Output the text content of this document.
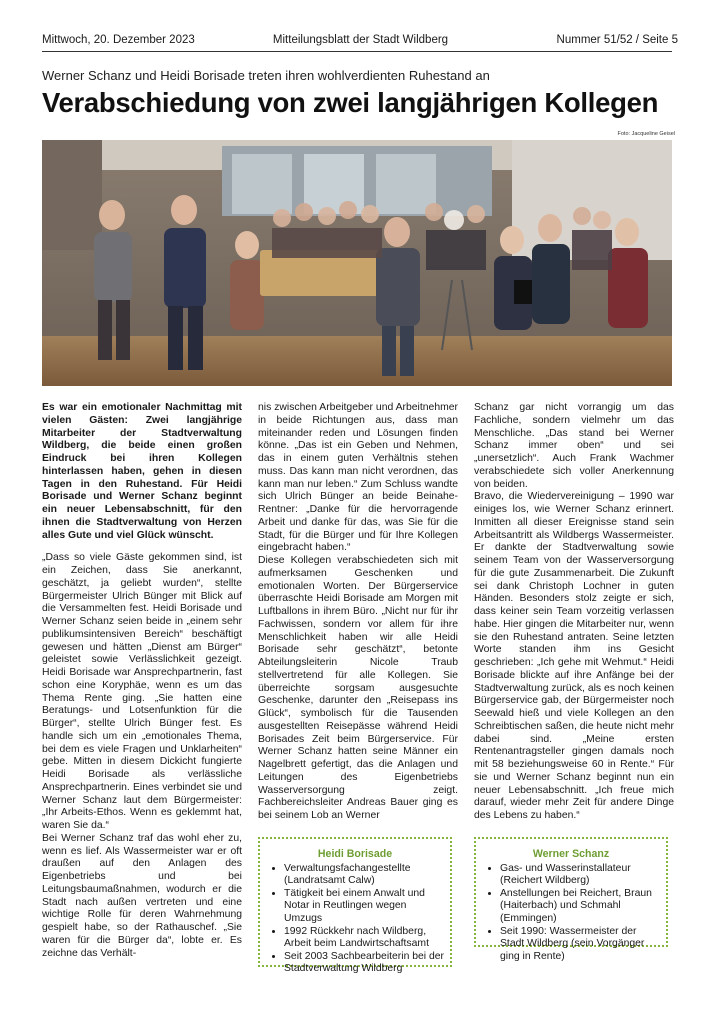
Mittwoch, 20. Dezember 2023	Mitteilungsblatt der Stadt Wildberg	Nummer 51/52 / Seite 5
Werner Schanz und Heidi Borisade treten ihren wohlverdienten Ruhestand an
Verabschiedung von zwei langjährigen Kollegen
Foto: Jacqueline Geisel

Es war ein emotionaler Nachmittag mit vielen Gästen: Zwei langjährige Mitarbeiter der Stadtverwaltung Wildberg, die beide einen großen Eindruck bei ihren Kollegen hinterlassen haben, gehen in diesen Tagen in den Ruhestand. Für Heidi Borisade und Werner Schanz beginnt ein neuer Lebensabschnitt, für den ihnen die Stadtverwaltung von Herzen alles Gute und viel Glück wünscht.

„Dass so viele Gäste gekommen sind, ist ein Zeichen, dass Sie anerkannt, geschätzt, ja geliebt wurden“, stellte Bürgermeister Ulrich Bünger mit Blick auf die Versammelten fest. Heidi Borisade und Werner Schanz seien beide in „einem sehr publikumsintensiven Bereich“ beschäftigt gewesen und hätten „Dienst am Bürger“ geleistet sowie Verlässlichkeit gezeigt. Heidi Borisade war Ansprechpartnerin, fast schon eine Koryphäe, wenn es um das Thema Rente ging. „Sie hatten eine Beratungs- und Lotsenfunktion für die Bürger“, stellte Ulrich Bünger fest. Es handle sich um ein „emotionales Thema, bei dem es viele Fragen und Unklarheiten“ gebe. Mitten in diesem Dickicht fungierte Heidi Borisade als verlässliche Ansprechpartnerin. Eines verbindet sie und Werner Schanz laut dem Bürgermeister: „Ihr Arbeits-Ethos. Wenn es geklemmt hat, waren Sie da.“

Bei Werner Schanz traf das wohl eher zu, wenn es lief. Als Wassermeister war er oft draußen auf den Anlagen des Eigenbetriebs und bei Leitungsbaumaßnahmen, wodurch er die Stadt nach außen vertreten und eine wichtige Rolle für deren Wahrnehmung gespielt habe, so der Rathauschef. „Sie waren für die Bürger da“, lobte er. Es zeichne das Verhält-

nis zwischen Arbeitgeber und Arbeitnehmer in beide Richtungen aus, dass man miteinander reden und Lösungen finden könne. „Das ist ein Geben und Nehmen, das in einem guten Verhältnis stehen muss. Das kann man nicht verordnen, das kann man nur leben.“ Zum Schluss wandte sich Ulrich Bünger an beide Beinahe-Rentner: „Danke für die hervorragende Arbeit und danke für das, was Sie für die Stadt, für die Bürger und für Ihre Kollegen eingebracht haben.“

Diese Kollegen verabschiedeten sich mit aufmerksamen Geschenken und emotionalen Worten. Der Bürgerservice überraschte Heidi Borisade am Morgen mit Luftballons in ihrem Büro. „Nicht nur für ihr Fachwissen, sondern vor allem für ihre Menschlichkeit haben wir alle Heidi Borisade sehr geschätzt“, betonte Abteilungsleiterin Nicole Traub stellvertretend für alle Kollegen. Sie überreichte sorgsam ausgesuchte Geschenke, darunter den „Reisepass ins Glück“, symbolisch für die Tausenden ausgestellten Reisepässe während Heidi Borisades Zeit beim Bürgerservice. Für Werner Schanz hatten seine Männer ein Nagelbrett gefertigt, das die Anlagen und Leitungen des Eigenbetriebs Wasserversorgung zeigt. Fachbereichsleiter Andreas Bauer ging es bei seinem Lob an Werner

Schanz gar nicht vorrangig um das Fachliche, sondern vielmehr um das Menschliche. „Das stand bei Werner Schanz immer oben“ und sei „unersetzlich“. Auch Frank Wachmer verabschiedete sich voller Anerkennung von beiden.

Bravo, die Wiedervereinigung – 1990 war einiges los, wie Werner Schanz erinnert. Inmitten all dieser Ereignisse stand sein Arbeitsantritt als Wildbergs Wassermeister. Er dankte der Stadtverwaltung sowie seinem Team von der Wasserversorgung für die gute Zusammenarbeit. Die Zukunft sei dank Christoph Lochner in guten Händen. Besonders stolz zeigte er sich, dass keiner sein Team vorzeitig verlassen habe. Hier gingen die Mitarbeiter nur, wenn sie den Ruhestand antraten. Seine letzten Worte standen ihm ins Gesicht geschrieben: „Ich gehe mit Wehmut.“ Heidi Borisade blickte auf ihre Anfänge bei der Stadtverwaltung zurück, als es noch keinen Bürgerservice gab, der Bürgermeister noch Seewald hieß und viele Kollegen an den Schreibtischen saßen, die heute nicht mehr dabei sind. „Meine ersten Rentenantragsteller gingen damals noch mit 58 beziehungsweise 60 in Rente.“ Für sie und Werner Schanz beginnt nun ein neuer Lebensabschnitt. „Ich freue mich darauf, wieder mehr Zeit für andere Dinge des Lebens zu haben.“

Heidi Borisade
• Verwaltungsfachangestellte (Landratsamt Calw)
• Tätigkeit bei einem Anwalt und Notar in Reutlingen wegen Umzugs
• 1992 Rückkehr nach Wildberg, Arbeit beim Landwirtschaftsamt
• Seit 2003 Sachbearbeiterin bei der Stadtverwaltung Wildberg
Werner Schanz
• Gas- und Wasserinstallateur (Reichert Wildberg)
• Anstellungen bei Reichert, Braun (Haiterbach) und Schmahl (Emmingen)
• Seit 1990: Wassermeister der Stadt Wildberg (sein Vorgänger ging in Rente)
